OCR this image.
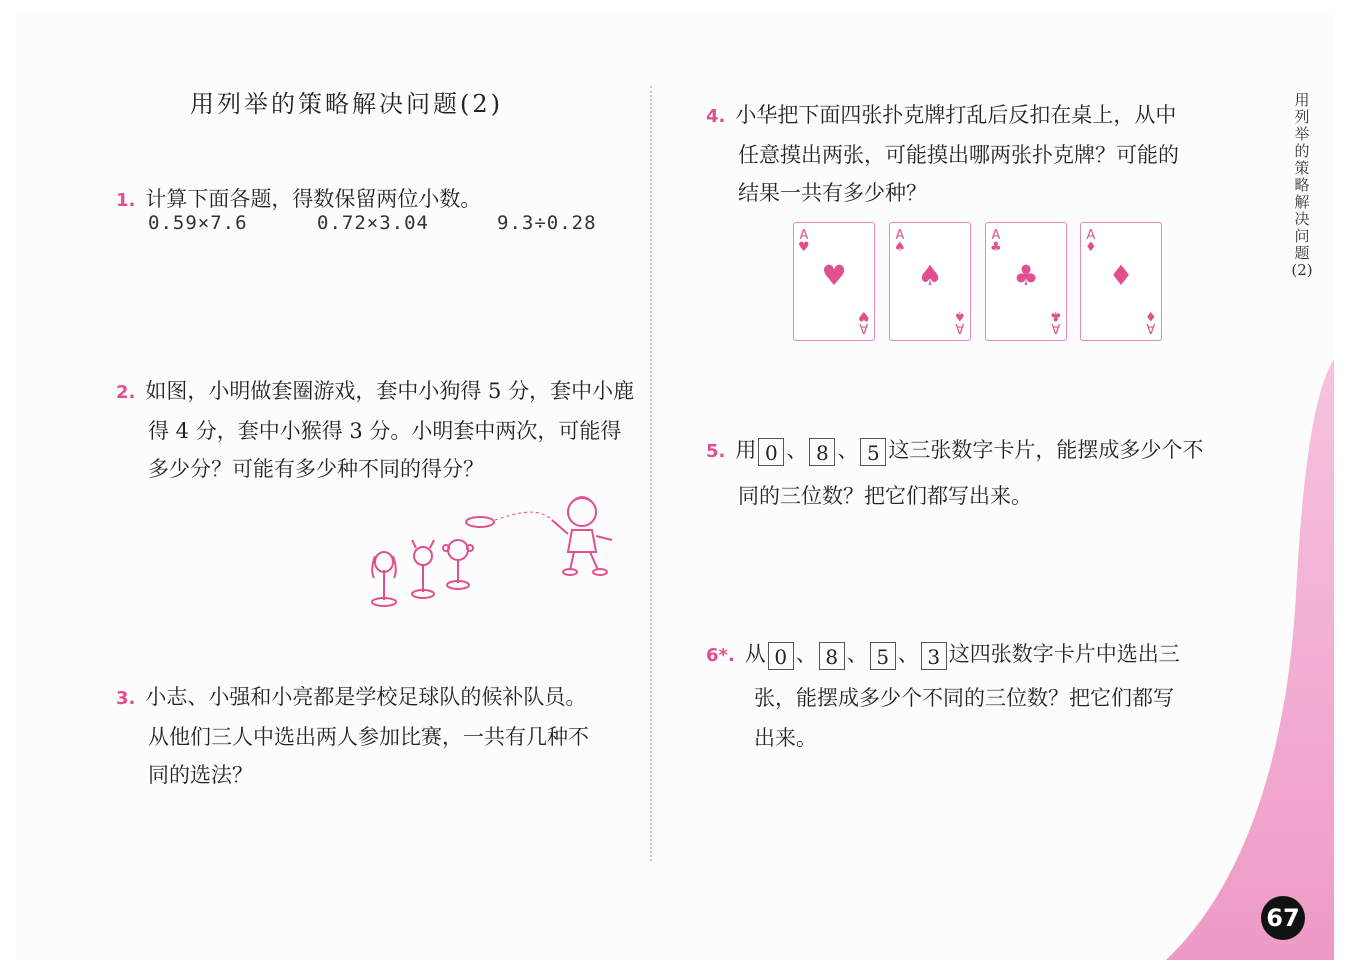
用列举的策略解决问题(2)
1. 计算下面各题，得数保留两位小数。
0.59×7.6	0.72×3.04	9.3÷0.28
2. 如图，小明做套圈游戏，套中小狗得 5 分，套中小鹿
得 4 分，套中小猴得 3 分。小明套中两次，可能得
多少分？可能有多少种不同的得分？
3. 小志、小强和小亮都是学校足球队的候补队员。
从他们三人中选出两人参加比赛，一共有几种不
同的选法？
4. 小华把下面四张扑克牌打乱后反扣在桌上，从中
任意摸出两张，可能摸出哪两张扑克牌？可能的
结果一共有多少种？
A
♥
♥
A
♥
A
♠
♠
A
♠
A
♣
♣
A
♣
A
♦
♦
A
♦
5. 用 0 、 8 、 5 这三张数字卡片，能摆成多少个不
同的三位数？把它们都写出来。
6*. 从 0 、 8 、 5 、 3 这四张数字卡片中选出三
张，能摆成多少个不同的三位数？把它们都写
出来。
用列举的策略解决问题(2)
67
